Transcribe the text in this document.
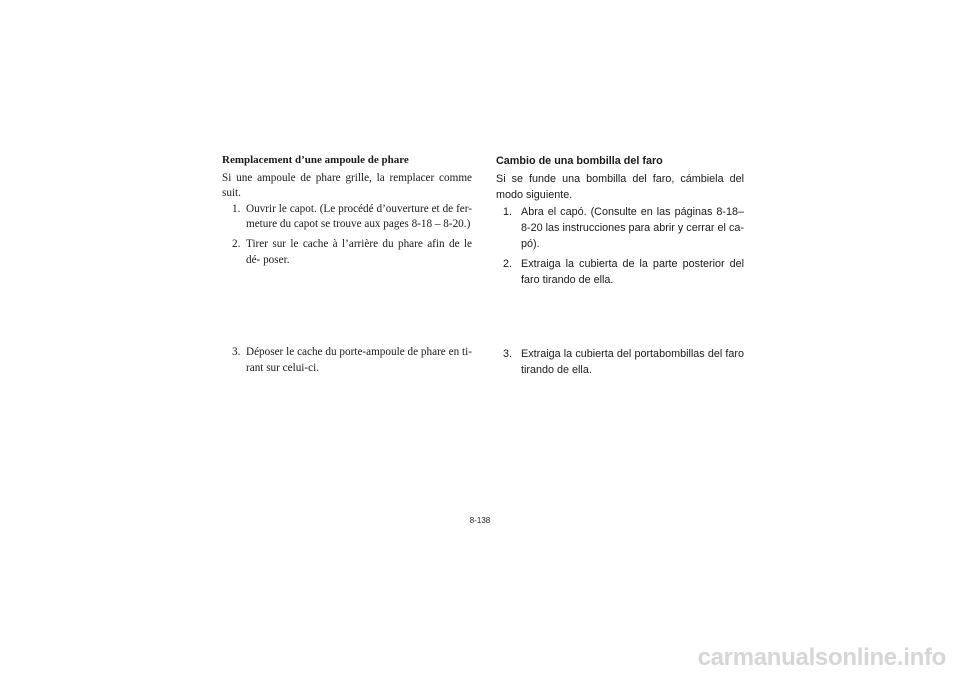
Remplacement d’une ampoule de phare

Si une ampoule de phare grille, la remplacer comme suit.

1. Ouvrir le capot. (Le procédé d’ouverture et de fer- meture du capot se trouve aux pages 8-18 – 8-20.)
2. Tirer sur le cache à l’arrière du phare afin de le dé- poser.
3. Déposer le cache du porte-ampoule de phare en ti- rant sur celui-ci.
Cambio de una bombilla del faro

Si se funde una bombilla del faro, cámbiela del modo siguiente.

1. Abra el capó. (Consulte en las páginas 8-18– 8-20 las instrucciones para abrir y cerrar el ca- pó).
2. Extraiga la cubierta de la parte posterior del faro tirando de ella.
3. Extraiga la cubierta del portabombillas del faro tirando de ella.
8-138
carmanualsonline.info
